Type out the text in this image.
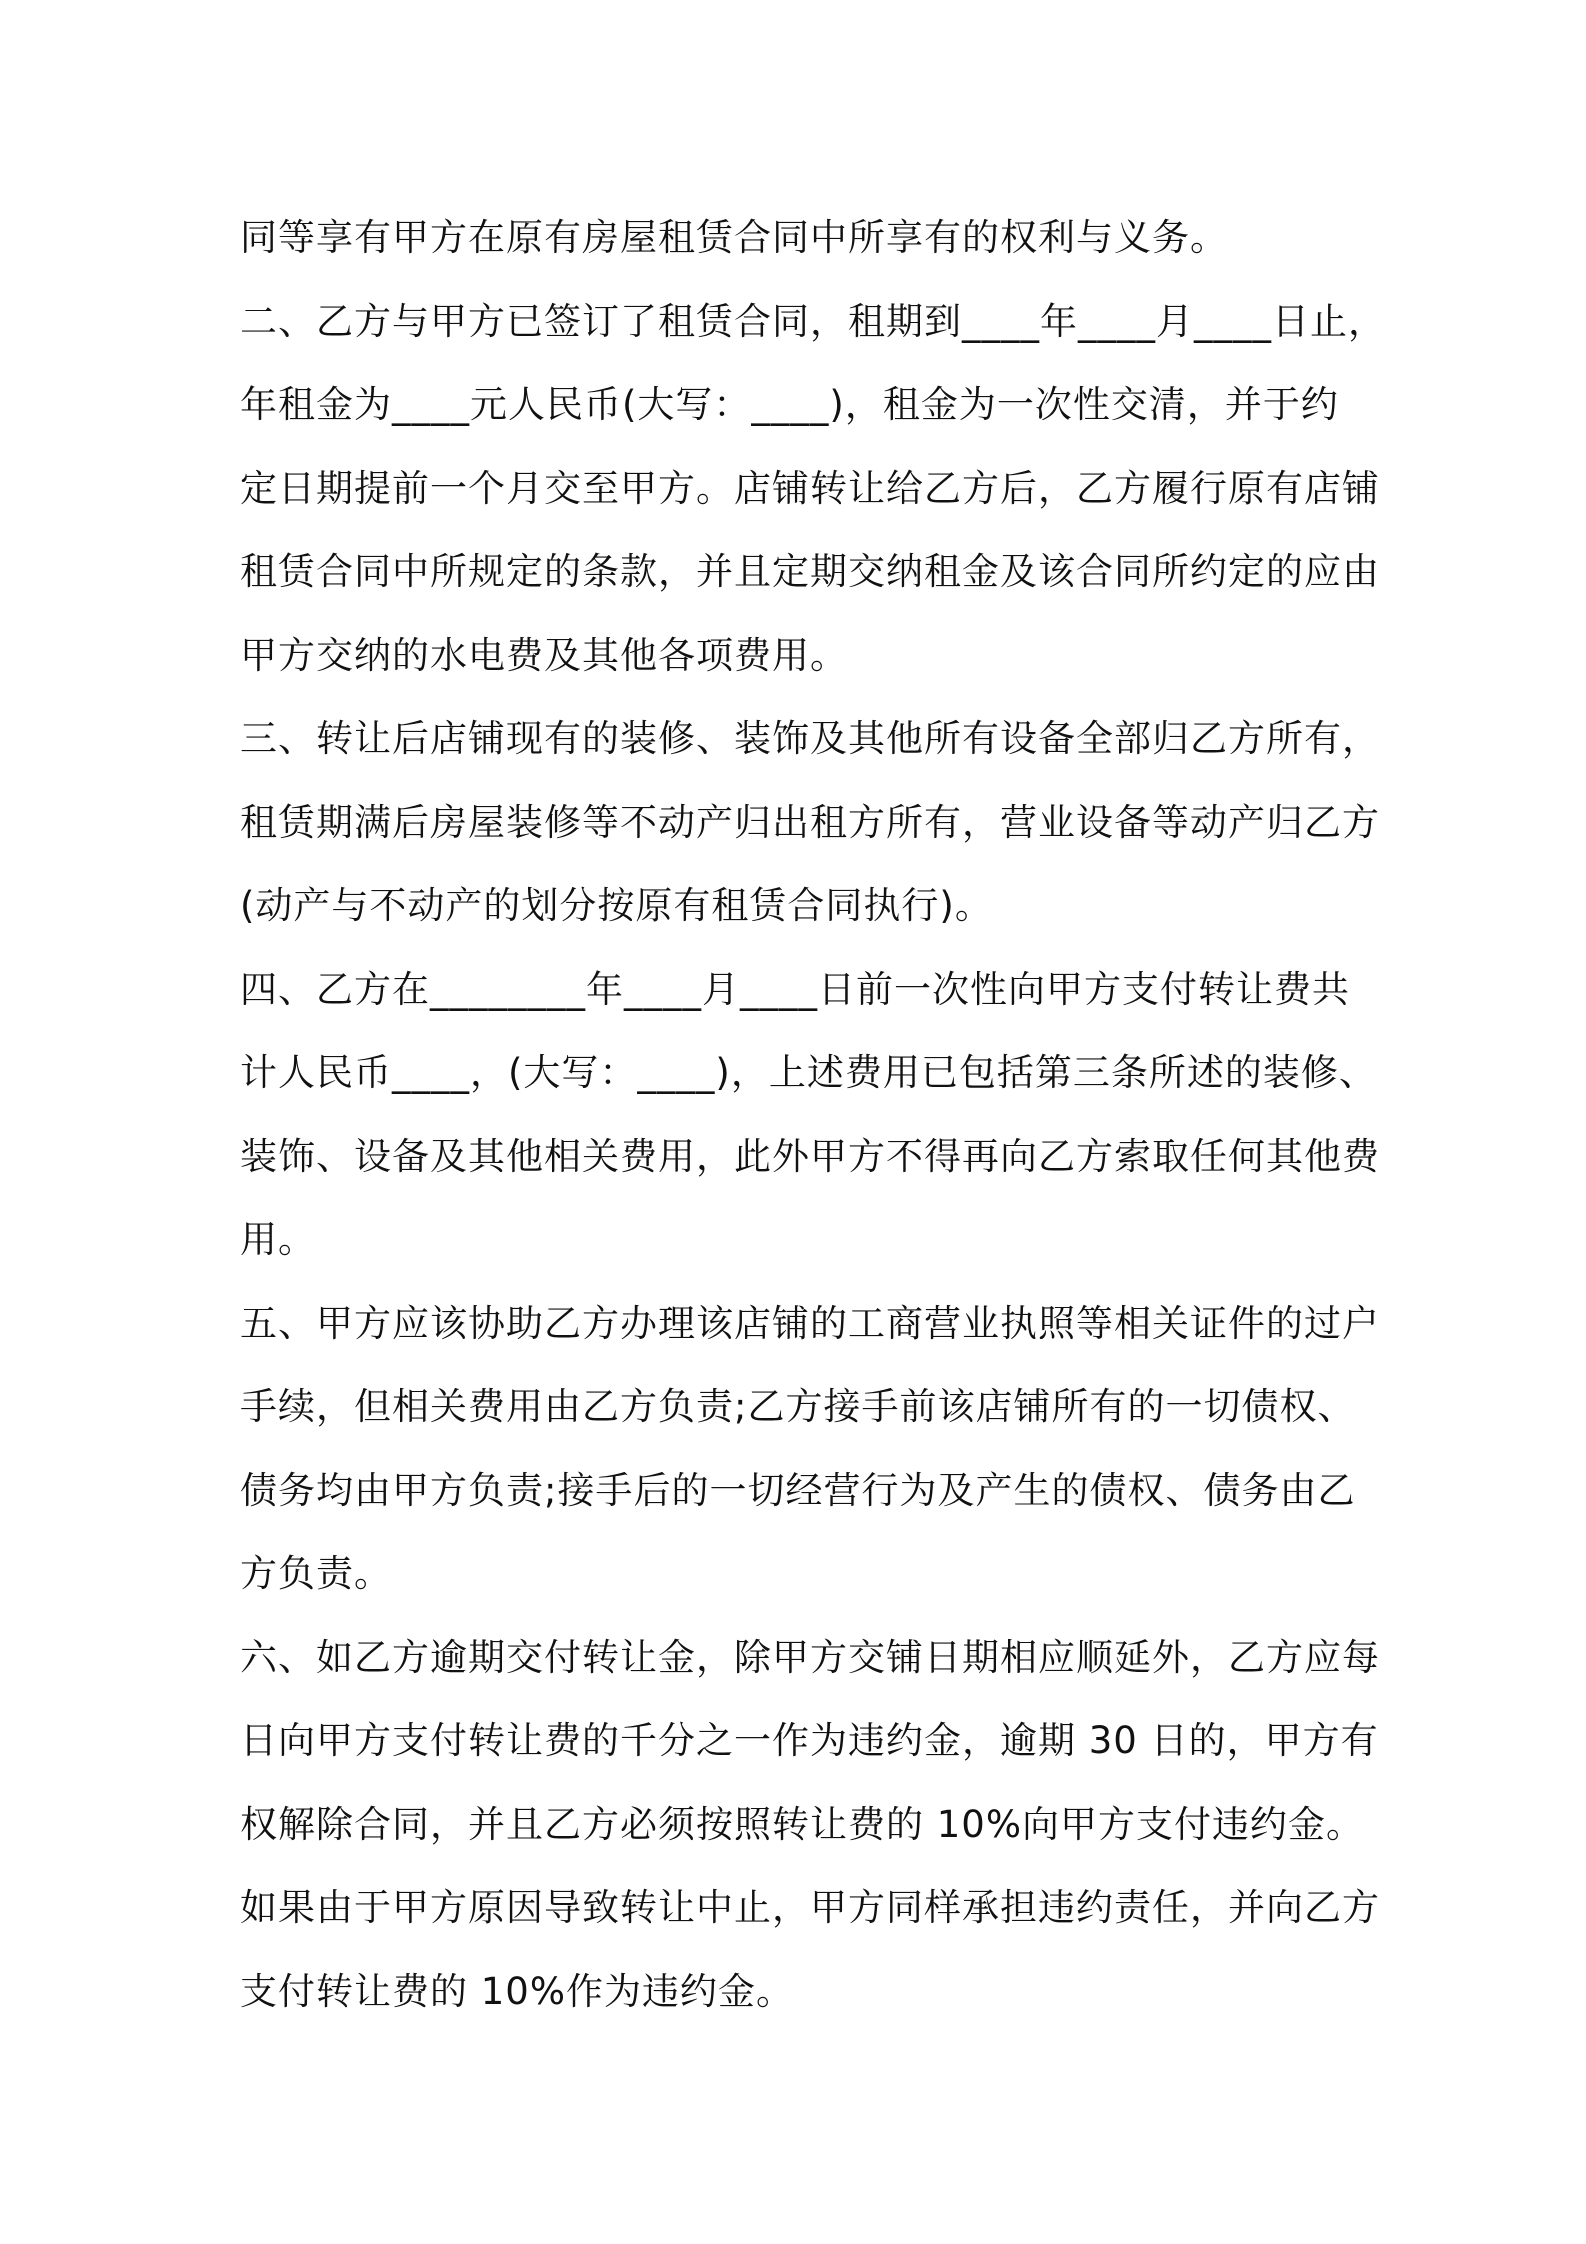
同等享有甲方在原有房屋租赁合同中所享有的权利与义务。
二、乙方与甲方已签订了租赁合同，租期到____年____月____日止，
年租金为____元人民币(大写：____)，租金为一次性交清，并于约
定日期提前一个月交至甲方。店铺转让给乙方后，乙方履行原有店铺
租赁合同中所规定的条款，并且定期交纳租金及该合同所约定的应由
甲方交纳的水电费及其他各项费用。
三、转让后店铺现有的装修、装饰及其他所有设备全部归乙方所有，
租赁期满后房屋装修等不动产归出租方所有，营业设备等动产归乙方
(动产与不动产的划分按原有租赁合同执行)。
四、乙方在________年____月____日前一次性向甲方支付转让费共
计人民币____，(大写：____)，上述费用已包括第三条所述的装修、
装饰、设备及其他相关费用，此外甲方不得再向乙方索取任何其他费
用。
五、甲方应该协助乙方办理该店铺的工商营业执照等相关证件的过户
手续，但相关费用由乙方负责;乙方接手前该店铺所有的一切债权、
债务均由甲方负责;接手后的一切经营行为及产生的债权、债务由乙
方负责。
六、如乙方逾期交付转让金，除甲方交铺日期相应顺延外，乙方应每
日向甲方支付转让费的千分之一作为违约金，逾期 30 日的，甲方有
权解除合同，并且乙方必须按照转让费的 10%向甲方支付违约金。
如果由于甲方原因导致转让中止，甲方同样承担违约责任，并向乙方
支付转让费的 10%作为违约金。
